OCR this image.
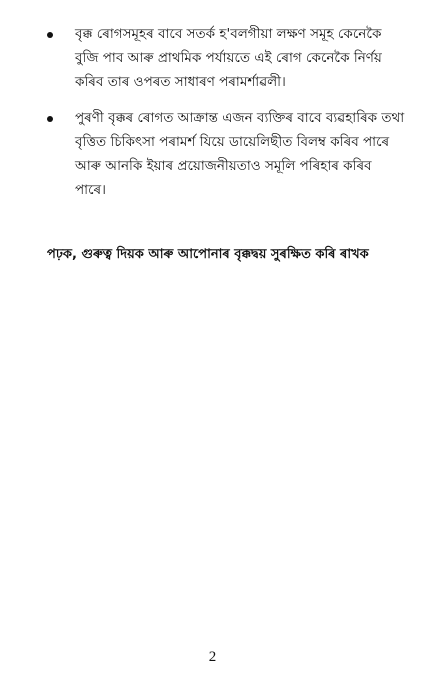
বৃক্ক ৰোগসমূহৰ বাবে সতৰ্ক হ'বলগীয়া লক্ষণ সমূহ কেনেকৈ
বুজি পাব আৰু প্ৰাথমিক পৰ্যায়তে এই ৰোগ কেনেকৈ নিৰ্ণয়
কৰিব তাৰ ওপৰত সাধাৰণ পৰামৰ্শাৱলী।
পুৰণী বৃক্কৰ ৰোগত আক্ৰান্ত এজন ব্যক্তিৰ বাবে ব্যৱহাৰিক তথা
বৃত্তিত চিকিৎসা পৰামৰ্শ যিয়ে ডায়েলিছীত বিলম্ব কৰিব পাৰে
আৰু আনকি ইয়াৰ প্ৰয়োজনীয়তাও সমূলি পৰিহাৰ কৰিব
পাৰে।

পঢ়ক, গুৰুত্ব দিয়ক আৰু আপোনাৰ বৃক্কদ্বয় সুৰক্ষিত কৰি ৰাখক

2
